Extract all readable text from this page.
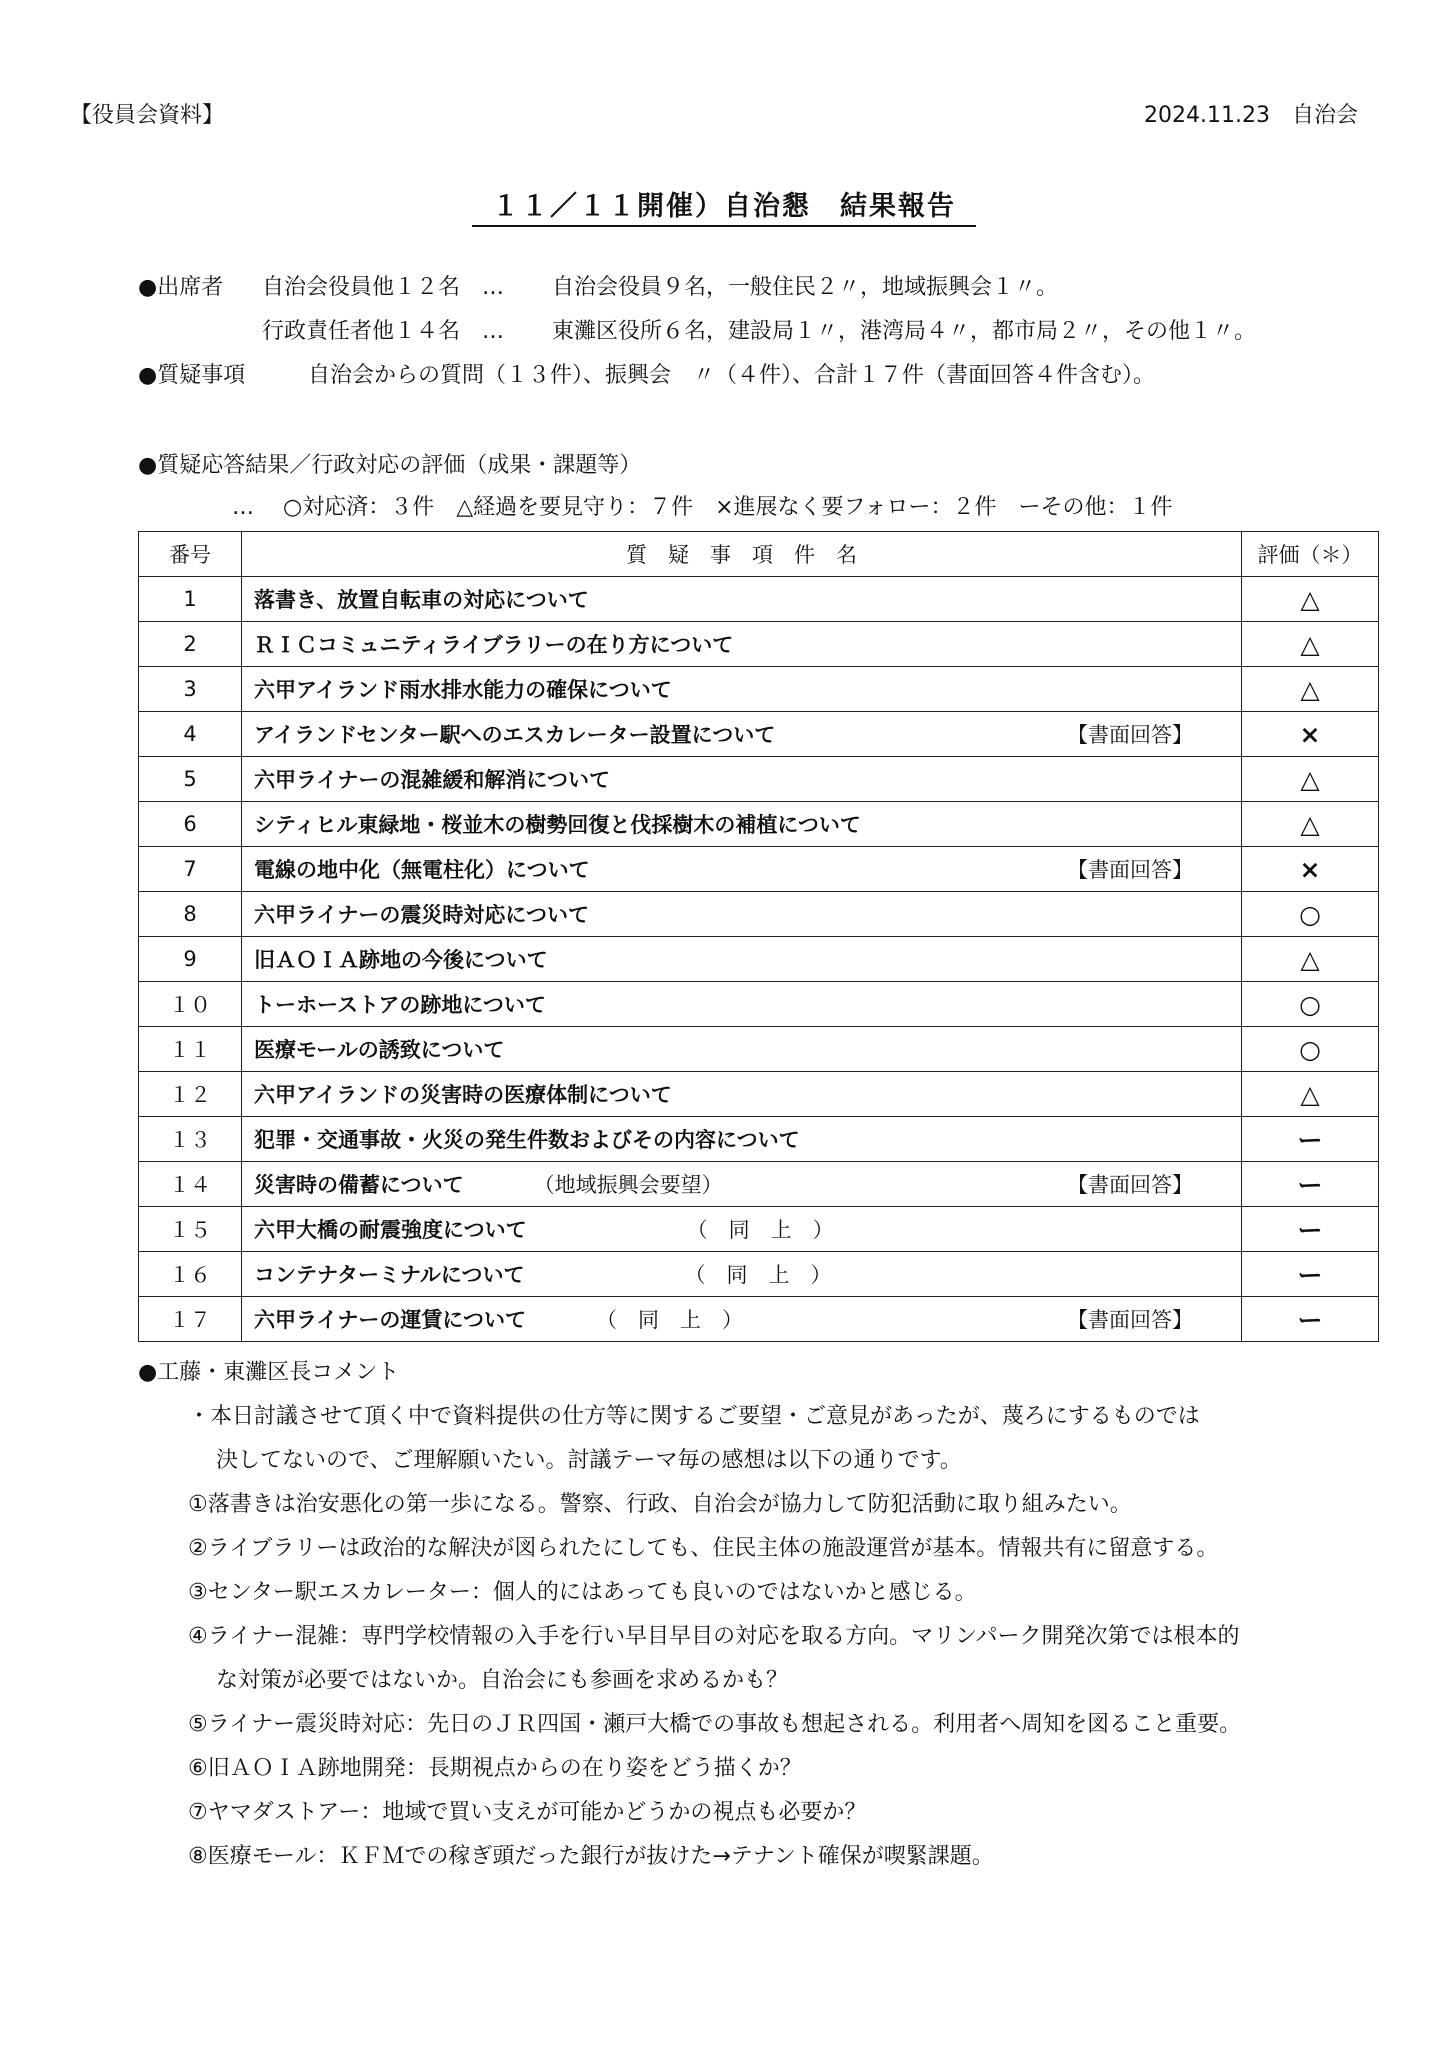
【役員会資料】	2024.11.23　自治会
１１／１１開催）自治懇　結果報告
●出席者 自治会役員他１２名　… 自治会役員９名，一般住民２〃，地域振興会１〃。
行政責任者他１４名　… 東灘区役所６名，建設局１〃，港湾局４〃，都市局２〃，その他１〃。
●質疑事項	自治会からの質問（１３件）、振興会　〃（４件）、合計１７件（書面回答４件含む）。
●質疑応答結果／行政対応の評価（成果・課題等）
…　 ○対応済：３件　△経過を要見守り：７件　×進展なく要フォロー：２件　ーその他：１件
番号	質　疑　事　項　件　名	評価（＊）
1	落書き、放置自転車の対応について	△
2	ＲＩＣコミュニティライブラリーの在り方について	△
3	六甲アイランド雨水排水能力の確保について	△
4	アイランドセンター駅へのエスカレーター設置について 【書面回答】	×
5	六甲ライナーの混雑緩和解消について	△
6	シティヒル東緑地・桜並木の樹勢回復と伐採樹木の補植について	△
7	電線の地中化（無電柱化）について 【書面回答】	×
8	六甲ライナーの震災時対応について	○
9	旧ＡＯＩＡ跡地の今後について	△
１０	トーホーストアの跡地について	○
１１	医療モールの誘致について	○
１２	六甲アイランドの災害時の医療体制について	△
１３	犯罪・交通事故・火災の発生件数およびその内容について	ー
１４	災害時の備蓄について （地域振興会要望） 【書面回答】	ー
１５	六甲大橋の耐震強度について （　同　上　）	ー
１６	コンテナターミナルについて （　同　上　）	ー
１７	六甲ライナーの運賃について （　同　上　） 【書面回答】	ー
●工藤・東灘区長コメント
・本日討議させて頂く中で資料提供の仕方等に関するご要望・ご意見があったが、蔑ろにするものでは
決してないので、ご理解願いたい。討議テーマ毎の感想は以下の通りです。
①落書きは治安悪化の第一歩になる。警察、行政、自治会が協力して防犯活動に取り組みたい。
②ライブラリーは政治的な解決が図られたにしても、住民主体の施設運営が基本。情報共有に留意する。
③センター駅エスカレーター：個人的にはあっても良いのではないかと感じる。
④ライナー混雑：専門学校情報の入手を行い早目早目の対応を取る方向。マリンパーク開発次第では根本的
な対策が必要ではないか。自治会にも参画を求めるかも？
⑤ライナー震災時対応：先日のＪＲ四国・瀬戸大橋での事故も想起される。利用者へ周知を図ること重要。
⑥旧ＡＯＩＡ跡地開発：長期視点からの在り姿をどう描くか？
⑦ヤマダストアー：地域で買い支えが可能かどうかの視点も必要か？
⑧医療モール：ＫＦＭでの稼ぎ頭だった銀行が抜けた→テナント確保が喫緊課題。
